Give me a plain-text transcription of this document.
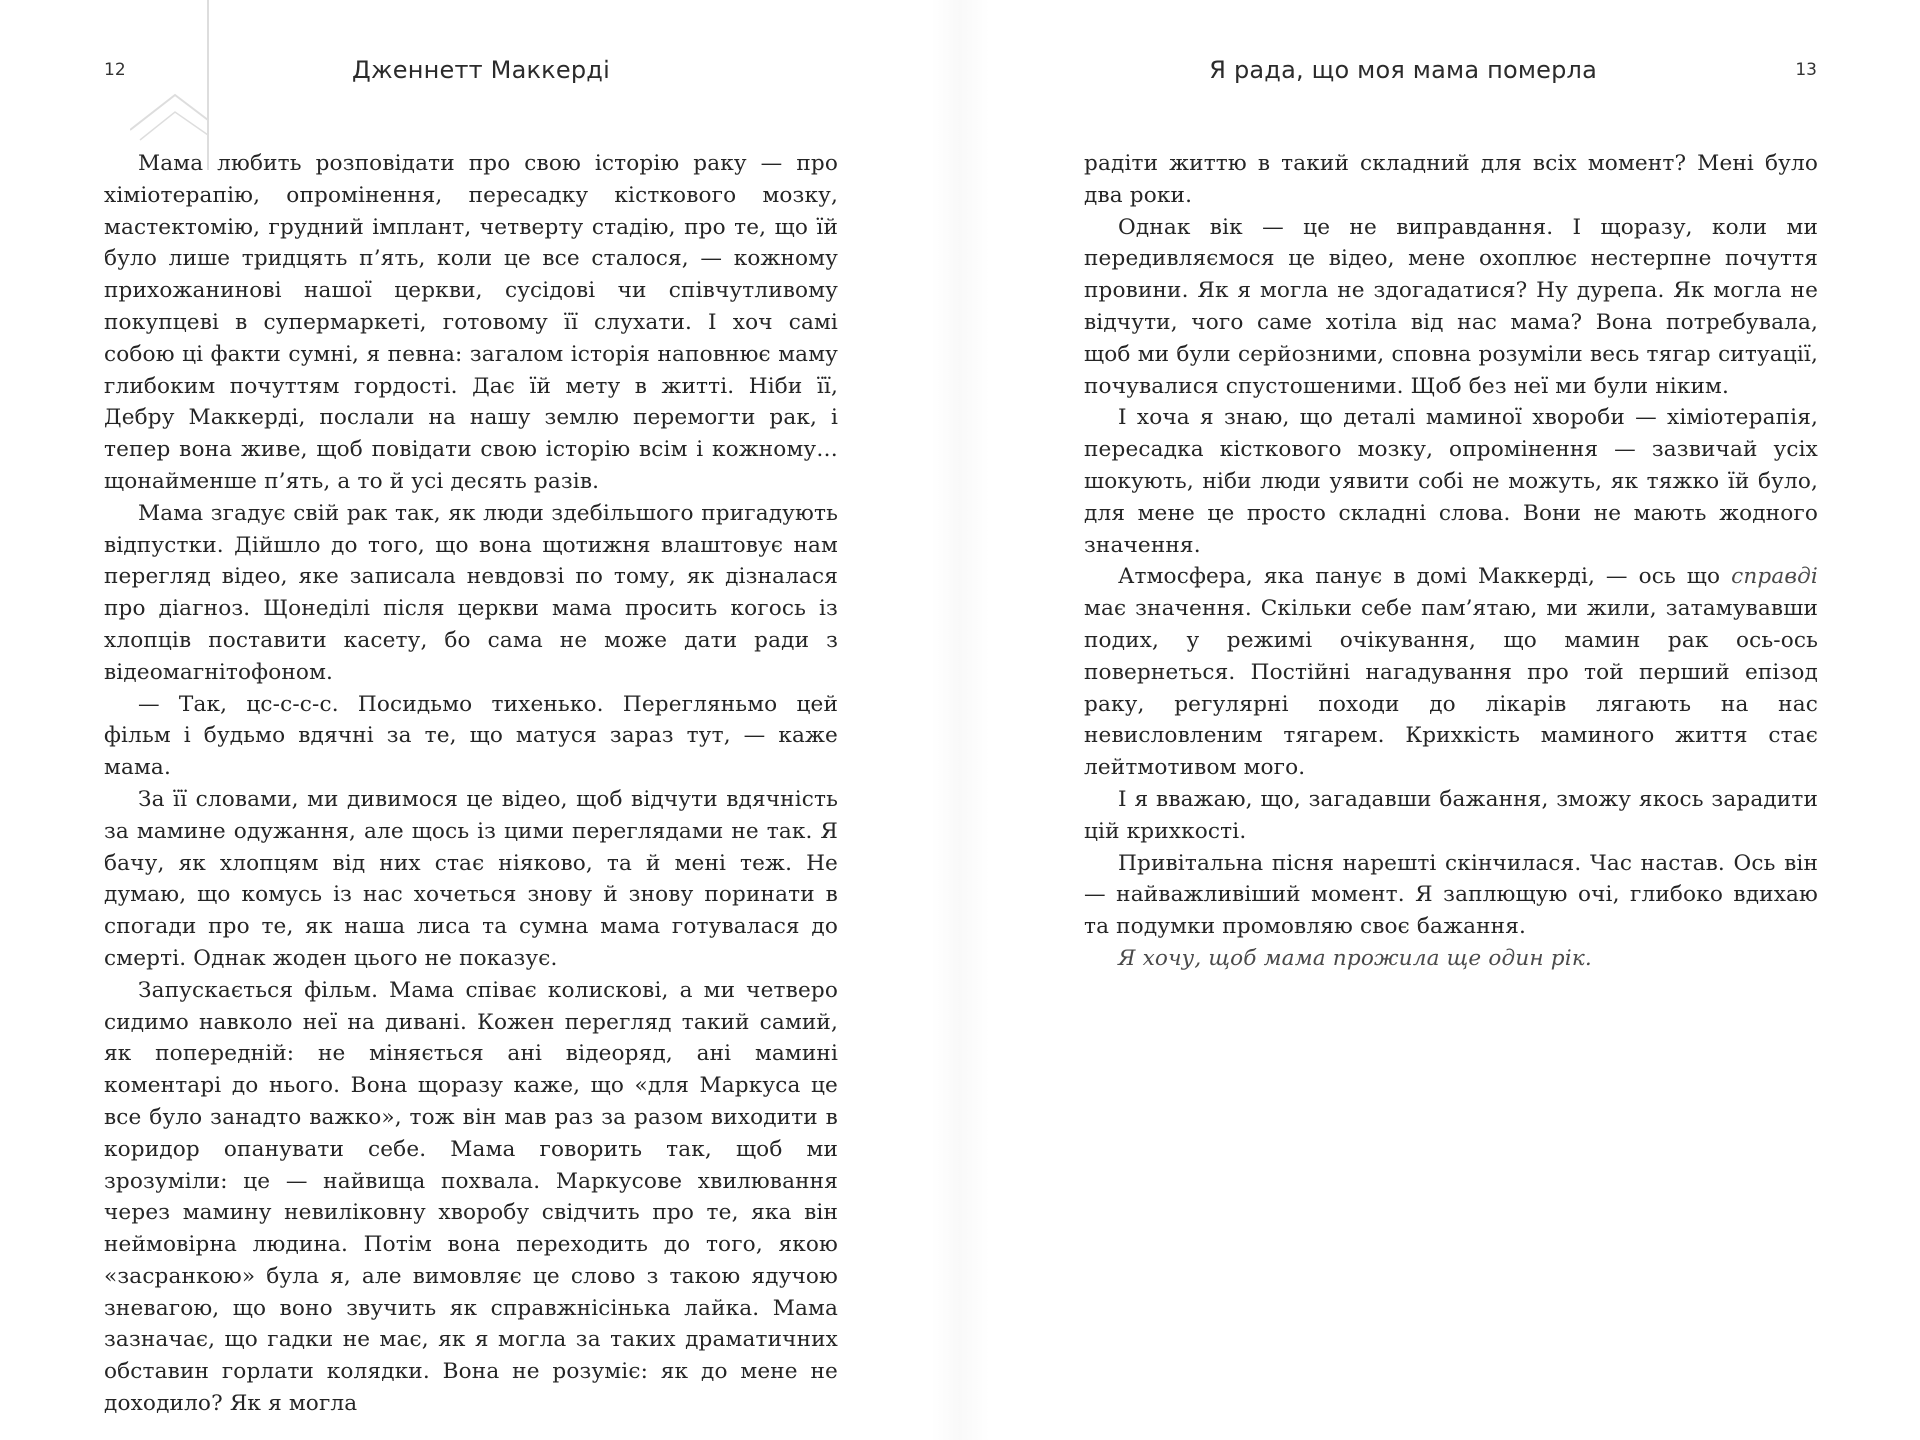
12	Дженнетт Маккерді

Мама любить розповідати про свою історію раку — про хіміотерапію, опромінення, пересадку кісткового мозку, мастектомію, грудний імплант, четверту стадію, про те, що їй було лише тридцять п’ять, коли це все сталося, — кожному прихожанинові нашої церкви, сусідові чи співчутливому покупцеві в супермаркеті, готовому її слухати. І хоч самі собою ці факти сумні, я певна: загалом історія наповнює маму глибоким почуттям гордості. Дає їй мету в житті. Ніби її, Дебру Маккерді, послали на нашу землю перемогти рак, і тепер вона живе, щоб повідати свою історію всім і кожному… щонайменше п’ять, а то й усі десять разів.

Мама згадує свій рак так, як люди здебільшого пригадують відпустки. Дійшло до того, що вона щотижня влаштовує нам перегляд відео, яке записала невдовзі по тому, як дізналася про діагноз. Щонеділі після церкви мама просить когось із хлопців поставити касету, бо сама не може дати ради з відеомагнітофоном.

— Так, цс-с-с-с. Посидьмо тихенько. Перегляньмо цей фільм і будьмо вдячні за те, що матуся зараз тут, — каже мама.

За її словами, ми дивимося це відео, щоб відчути вдячність за мамине одужання, але щось із цими переглядами не так. Я бачу, як хлопцям від них стає ніяково, та й мені теж. Не думаю, що комусь із нас хочеться знову й знову поринати в спогади про те, як наша лиса та сумна мама готувалася до смерті. Однак жоден цього не показує.

Запускається фільм. Мама співає колискові, а ми четверо сидимо навколо неї на дивані. Кожен перегляд такий самий, як попередній: не міняється ані відеоряд, ані мамині коментарі до нього. Вона щоразу каже, що «для Маркуса це все було занадто важко», тож він мав раз за разом виходити в коридор опанувати себе. Мама говорить так, щоб ми зрозуміли: це — найвища похвала. Маркусове хвилювання через мамину невиліковну хворобу свідчить про те, яка він неймовірна людина. Потім вона переходить до того, якою «засранкою» була я, але вимовляє це слово з такою ядучою зневагою, що воно звучить як справжнісінька лайка. Мама зазначає, що гадки не має, як я могла за таких драматичних обставин горлати колядки. Вона не розуміє: як до мене не доходило? Як я могла

Я рада, що моя мама померла	13

радіти життю в такий складний для всіх момент? Мені було два роки.

Однак вік — це не виправдання. І щоразу, коли ми передивляємося це відео, мене охоплює нестерпне почуття провини. Як я могла не здогадатися? Ну дурепа. Як могла не відчути, чого саме хотіла від нас мама? Вона потребувала, щоб ми були серйозними, сповна розуміли весь тягар ситуації, почувалися спустошеними. Щоб без неї ми були ніким.

І хоча я знаю, що деталі маминої хвороби — хіміотерапія, пересадка кісткового мозку, опромінення — зазвичай усіх шокують, ніби люди уявити собі не можуть, як тяжко їй було, для мене це просто складні слова. Вони не мають жодного значення.

Атмосфера, яка панує в домі Маккерді, — ось що справді має значення. Скільки себе пам’ятаю, ми жили, затамувавши подих, у режимі очікування, що мамин рак ось-ось повернеться. Постійні нагадування про той перший епізод раку, регулярні походи до лікарів лягають на нас невисловленим тягарем. Крихкість маминого життя стає лейтмотивом мого.

І я вважаю, що, загадавши бажання, зможу якось зарадити цій крихкості.

Привітальна пісня нарешті скінчилася. Час настав. Ось він — найважливіший момент. Я заплющую очі, глибоко вдихаю та подумки промовляю своє бажання.

Я хочу, щоб мама прожила ще один рік.
